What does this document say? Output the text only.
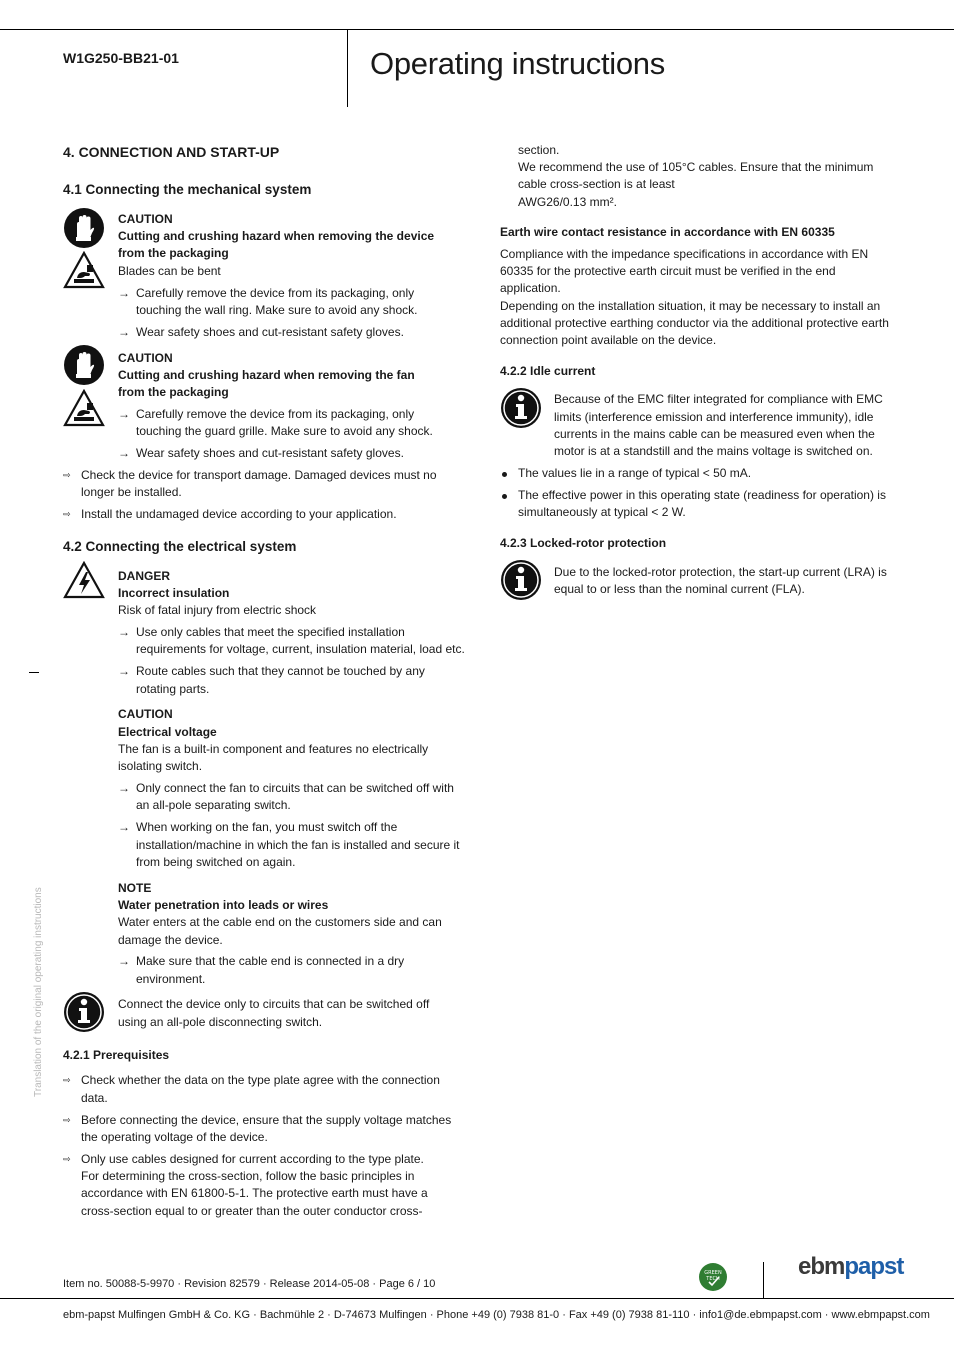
W1G250-BB21-01	Operating instructions
4. CONNECTION AND START-UP
4.1 Connecting the mechanical system
CAUTION
Cutting and crushing hazard when removing the device
from the packaging
Blades can be bent
→ Carefully remove the device from its packaging, only
touching the wall ring. Make sure to avoid any shock.
→ Wear safety shoes and cut-resistant safety gloves.
CAUTION
Cutting and crushing hazard when removing the fan
from the packaging
→ Carefully remove the device from its packaging, only
touching the guard grille. Make sure to avoid any shock.
→ Wear safety shoes and cut-resistant safety gloves.
⇨ Check the device for transport damage. Damaged devices must no
longer be installed.
⇨ Install the undamaged device according to your application.
4.2 Connecting the electrical system
DANGER
Incorrect insulation
Risk of fatal injury from electric shock
→ Use only cables that meet the specified installation
requirements for voltage, current, insulation material, load etc.
→ Route cables such that they cannot be touched by any
rotating parts.
CAUTION
Electrical voltage
The fan is a built-in component and features no electrically
isolating switch.
→ Only connect the fan to circuits that can be switched off with
an all-pole separating switch.
→ When working on the fan, you must switch off the
installation/machine in which the fan is installed and secure it
from being switched on again.
NOTE
Water penetration into leads or wires
Water enters at the cable end on the customers side and can
damage the device.
→ Make sure that the cable end is connected in a dry
environment.
Connect the device only to circuits that can be switched off
using an all-pole disconnecting switch.
4.2.1 Prerequisites
⇨ Check whether the data on the type plate agree with the connection
data.
⇨ Before connecting the device, ensure that the supply voltage matches
the operating voltage of the device.
⇨ Only use cables designed for current according to the type plate.
For determining the cross-section, follow the basic principles in
accordance with EN 61800-5-1. The protective earth must have a
cross-section equal to or greater than the outer conductor cross-
section.
We recommend the use of 105°C cables. Ensure that the minimum
cable cross-section is at least
AWG26/0.13 mm².
Earth wire contact resistance in accordance with EN 60335
Compliance with the impedance specifications in accordance with EN
60335 for the protective earth circuit must be verified in the end
application.
Depending on the installation situation, it may be necessary to install an
additional protective earthing conductor via the additional protective earth
connection point available on the device.
4.2.2 Idle current
Because of the EMC filter integrated for compliance with EMC
limits (interference emission and interference immunity), idle
currents in the mains cable can be measured even when the
motor is at a standstill and the mains voltage is switched on.
The values lie in a range of typical < 50 mA.
The effective power in this operating state (readiness for operation) is
simultaneously at typical < 2 W.
4.2.3 Locked-rotor protection
Due to the locked-rotor protection, the start-up current (LRA) is
equal to or less than the nominal current (FLA).
Translation of the original operating instructions
Item no. 50088-5-9970 · Revision 82579 · Release 2014-05-08 · Page 6 / 10
GREEN
TECH	ebmpapst
ebm-papst Mulfingen GmbH & Co. KG · Bachmühle 2 · D-74673 Mulfingen · Phone +49 (0) 7938 81-0 · Fax +49 (0) 7938 81-110 · info1@de.ebmpapst.com · www.ebmpapst.com
